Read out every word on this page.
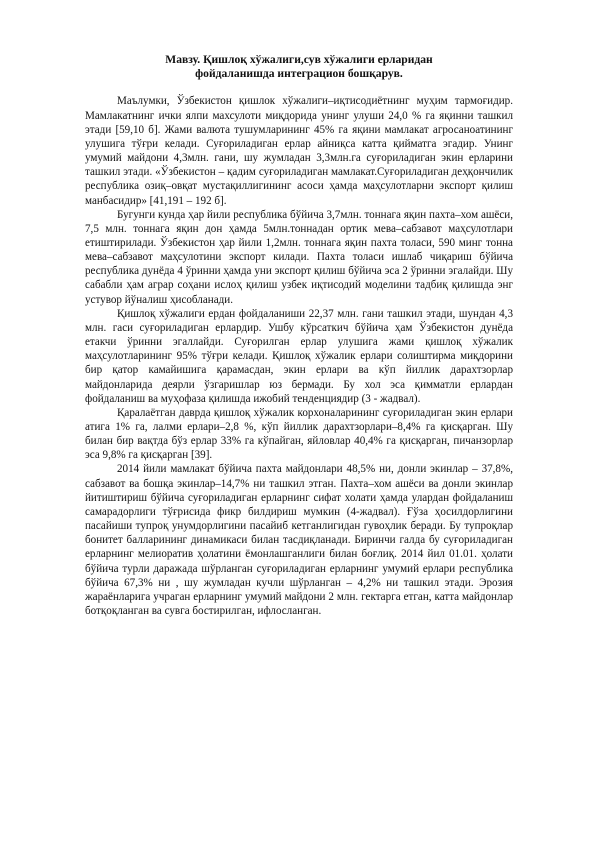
Мавзу. Қишлоқ хўжалиги,сув хўжалиги ерларидан
фойдаланишда интеграцион бошқарув.

Маълумки, Ўзбекистон қишлок хўжалиги–иқтисодиётнинг муҳим тармоғидир. Мамлакатнинг ички ялпи махсулоти миқдорида унинг улуши 24,0 % га яқинни ташкил этади [59,10 б]. Жами валюта тушумларининг 45% га яқини мамлакат агросаноатининг улушига тўғри келади. Суғориладиган ерлар айниқса катта қийматга эгадир. Унинг умумий майдони 4,3млн. гани, шу жумладан 3,3млн.га суғориладиган экин ерларини ташкил этади. «Ўзбекистон – қадим суғориладиган мамлакат.Суғориладиган деҳқончилик республика озиқ–овқат мустақиллигининг асоси ҳамда маҳсулотларни экспорт қилиш манбасидир» [41,191 – 192 б].

Бугунги кунда ҳар йили республика бўйича 3,7млн. тоннага яқин пахта–хом ашёси, 7,5 млн. тоннага яқин дон ҳамда 5млн.тоннадан ортик мева–сабзавот маҳсулотлари етиштирилади. Ўзбекистон ҳар йили 1,2млн. тоннага яқин пахта толаси, 590 минг тонна мева–сабзавот маҳсулотини экспорт килади. Пахта толаси ишлаб чиқариш бўйича республика дунёда 4 ўринни ҳамда уни экспорт қилиш бўйича эса 2 ўринни эгалайди. Шу сабабли ҳам аграр соҳани ислоҳ қилиш узбек иқтисодий моделини тадбиқ қилишда энг устувор йўналиш ҳисобланади.

Қишлоқ хўжалиги ердан фойдаланиши 22,37 млн. гани ташкил этади, шундан 4,3 млн. гаси суғориладиган ерлардир. Ушбу кўрсаткич бўйича ҳам Ўзбекистон дунёда етакчи ўринни эгаллайди. Суғорилган ерлар улушига жами қишлоқ хўжалик маҳсулотларининг 95% тўғри келади. Қишлоқ хўжалик ерлари солиштирма миқдорини бир қатор камайишига қарамасдан, экин ерлари ва кўп йиллик дарахтзорлар майдонларида деярли ўзгаришлар юз бермади. Бу хол эса қимматли ерлардан фойдаланиш ва муҳофаза қилишда ижобий тенденциядир (3 - жадвал).

Қаралаётган даврда қишлоқ хўжалик корхоналарининг суғориладиган экин ерлари атига 1% га, лалми ерлари–2,8 %, кўп йиллик дарахтзорлари–8,4% га қисқарган. Шу билан бир вақтда бўз ерлар 33% га кўпайган, яйловлар 40,4% га қисқарган, пичанзорлар эса 9,8% га қисқарган [39].

2014 йили мамлакат бўйича пахта майдонлари 48,5% ни, донли экинлар – 37,8%, сабзавот ва бошқа экинлар–14,7% ни ташкил этган. Пахта–хом ашёси ва донли экинлар йитиштириш бўйича суғориладиган ерларнинг сифат холати ҳамда улардан фойдаланиш самарадорлиги тўғрисида фикр билдириш мумкин (4-жадвал). Ғўза ҳосилдорлигини пасайиши тупроқ унумдорлигини пасайиб кетганлигидан гувоҳлик беради. Бу тупроқлар бонитет балларининг динамикаси билан тасдиқланади. Биринчи галда бу суғориладиган ерларнинг мелиоратив ҳолатини ёмонлашганлиги билан боғлиқ. 2014 йил 01.01. ҳолати бўйича турли даражада шўрланган суғориладиган ерларнинг умумий ерлари республика бўйича 67,3% ни , шу жумладан кучли шўрланган – 4,2% ни ташкил этади. Эрозия жараёнларига учраган ерларнинг умумий майдони 2 млн. гектарга етган, катта майдонлар ботқоқланган ва сувга бостирилган, ифлосланган.
